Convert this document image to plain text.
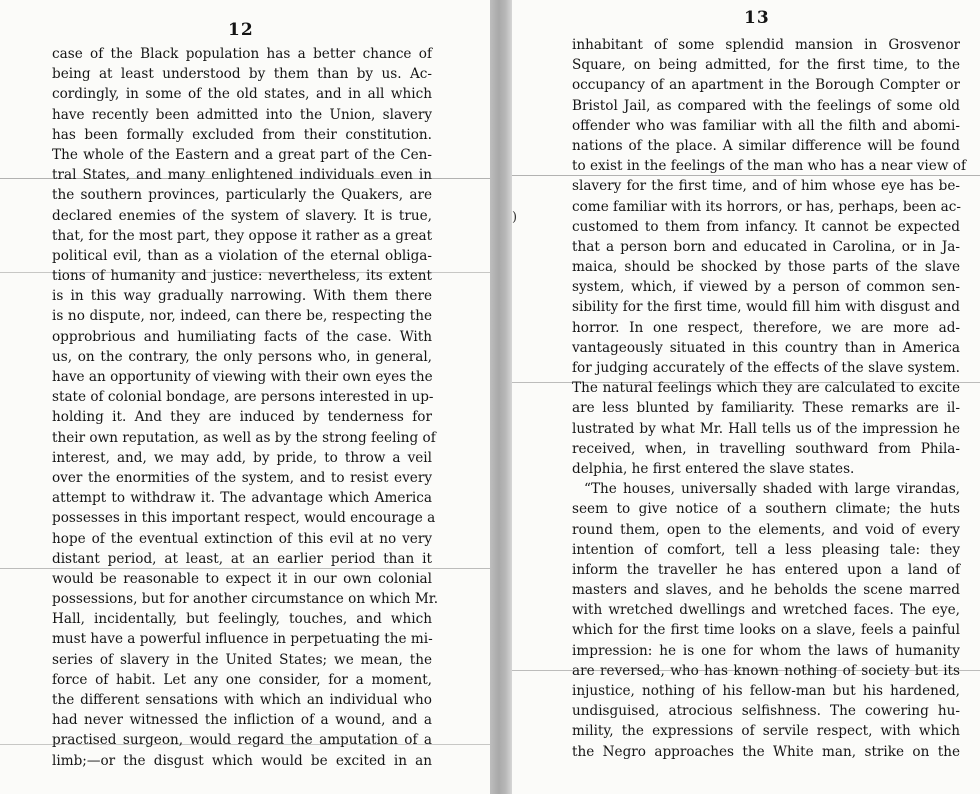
12
case of the Black population has a better chance of
being at least understood by them than by us. Ac-
cordingly, in some of the old states, and in all which
have recently been admitted into the Union, slavery
has been formally excluded from their constitution.
The whole of the Eastern and a great part of the Cen-
tral States, and many enlightened individuals even in
the southern provinces, particularly the Quakers, are
declared enemies of the system of slavery. It is true,
that, for the most part, they oppose it rather as a great
political evil, than as a violation of the eternal obliga-
tions of humanity and justice: nevertheless, its extent
is in this way gradually narrowing. With them there
is no dispute, nor, indeed, can there be, respecting the
opprobrious and humiliating facts of the case. With
us, on the contrary, the only persons who, in general,
have an opportunity of viewing with their own eyes the
state of colonial bondage, are persons interested in up-
holding it. And they are induced by tenderness for
their own reputation, as well as by the strong feeling of
interest, and, we may add, by pride, to throw a veil
over the enormities of the system, and to resist every
attempt to withdraw it. The advantage which America
possesses in this important respect, would encourage a
hope of the eventual extinction of this evil at no very
distant period, at least, at an earlier period than it
would be reasonable to expect it in our own colonial
possessions, but for another circumstance on which Mr.
Hall, incidentally, but feelingly, touches, and which
must have a powerful influence in perpetuating the mi-
series of slavery in the United States; we mean, the
force of habit. Let any one consider, for a moment,
the different sensations with which an individual who
had never witnessed the infliction of a wound, and a
practised surgeon, would regard the amputation of a
limb;—or the disgust which would be excited in an
13
inhabitant of some splendid mansion in Grosvenor
Square, on being admitted, for the first time, to the
occupancy of an apartment in the Borough Compter or
Bristol Jail, as compared with the feelings of some old
offender who was familiar with all the filth and abomi-
nations of the place. A similar difference will be found
to exist in the feelings of the man who has a near view of
slavery for the first time, and of him whose eye has be-
come familiar with its horrors, or has, perhaps, been ac-
customed to them from infancy. It cannot be expected
that a person born and educated in Carolina, or in Ja-
maica, should be shocked by those parts of the slave
system, which, if viewed by a person of common sen-
sibility for the first time, would fill him with disgust and
horror. In one respect, therefore, we are more ad-
vantageously situated in this country than in America
for judging accurately of the effects of the slave system.
The natural feelings which they are calculated to excite
are less blunted by familiarity. These remarks are il-
lustrated by what Mr. Hall tells us of the impression he
received, when, in travelling southward from Phila-
delphia, he first entered the slave states.
“The houses, universally shaded with large virandas,
seem to give notice of a southern climate; the huts
round them, open to the elements, and void of every
intention of comfort, tell a less pleasing tale: they
inform the traveller he has entered upon a land of
masters and slaves, and he beholds the scene marred
with wretched dwellings and wretched faces. The eye,
which for the first time looks on a slave, feels a painful
impression: he is one for whom the laws of humanity
are reversed, who has known nothing of society but its
injustice, nothing of his fellow-man but his hardened,
undisguised, atrocious selfishness. The cowering hu-
mility, the expressions of servile respect, with which
the Negro approaches the White man, strike on the
)
